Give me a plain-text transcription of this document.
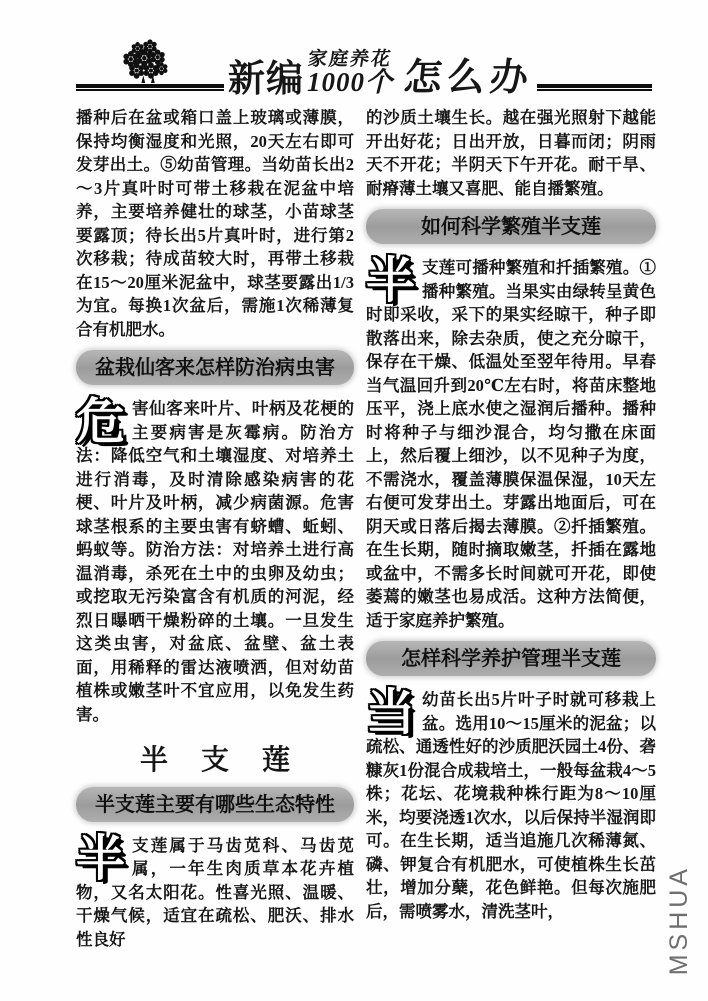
新编 家庭养花
1000个 怎么办

播种后在盆或箱口盖上玻璃或薄膜，保持均衡湿度和光照，20天左右即可发芽出土。⑤幼苗管理。当幼苗长出2～3片真叶时可带土移栽在泥盆中培养，主要培养健壮的球茎，小苗球茎要露顶；待长出5片真叶时，进行第2次移栽；待成苗较大时，再带土移栽在15～20厘米泥盆中，球茎要露出1/3为宜。每换1次盆后，需施1次稀薄复合有机肥水。

盆栽仙客来怎样防治病虫害

危害仙客来叶片、叶柄及花梗的主要病害是灰霉病。防治方法：降低空气和土壤湿度、对培养土进行消毒，及时清除感染病害的花梗、叶片及叶柄，减少病菌源。危害球茎根系的主要虫害有蛴螬、蚯蚓、蚂蚁等。防治方法：对培养土进行高温消毒，杀死在土中的虫卵及幼虫；或挖取无污染富含有机质的河泥，经烈日曝晒干燥粉碎的土壤。一旦发生这类虫害，对盆底、盆壁、盆土表面，用稀释的雷达液喷洒，但对幼苗植株或嫩茎叶不宜应用，以免发生药害。

半支莲
半支莲主要有哪些生态特性

半支莲属于马齿苋科、马齿苋属，一年生肉质草本花卉植物，又名太阳花。性喜光照、温暖、干燥气候，适宜在疏松、肥沃、排水性良好

的沙质土壤生长。越在强光照射下越能开出好花；日出开放，日暮而闭；阴雨天不开花；半阴天下午开花。耐干旱、耐瘠薄土壤又喜肥、能自播繁殖。

如何科学繁殖半支莲

半支莲可播种繁殖和扦插繁殖。①播种繁殖。当果实由绿转呈黄色时即采收，采下的果实经晾干，种子即散落出来，除去杂质，使之充分晾干，保存在干燥、低温处至翌年待用。早春当气温回升到20℃左右时，将苗床整地压平，浇上底水使之湿润后播种。播种时将种子与细沙混合，均匀撒在床面上，然后覆上细沙，以不见种子为度，不需浇水，覆盖薄膜保温保湿，10天左右便可发芽出土。芽露出地面后，可在阴天或日落后揭去薄膜。②扦插繁殖。在生长期，随时摘取嫩茎，扦插在露地或盆中，不需多长时间就可开花，即使萎蔫的嫩茎也易成活。这种方法简便，适于家庭养护繁殖。

怎样科学养护管理半支莲

当幼苗长出5片叶子时就可移栽上盆。选用10～15厘米的泥盆；以疏松、通透性好的沙质肥沃园土4份、砻糠灰1份混合成栽培土，一般每盆栽4～5株；花坛、花境栽种株行距为8～10厘米，均要浇透1次水，以后保持半湿润即可。在生长期，适当追施几次稀薄氮、磷、钾复合有机肥水，可使植株生长茁壮，增加分蘖，花色鲜艳。但每次施肥后，需喷雾水，清洗茎叶，	MSHUA
